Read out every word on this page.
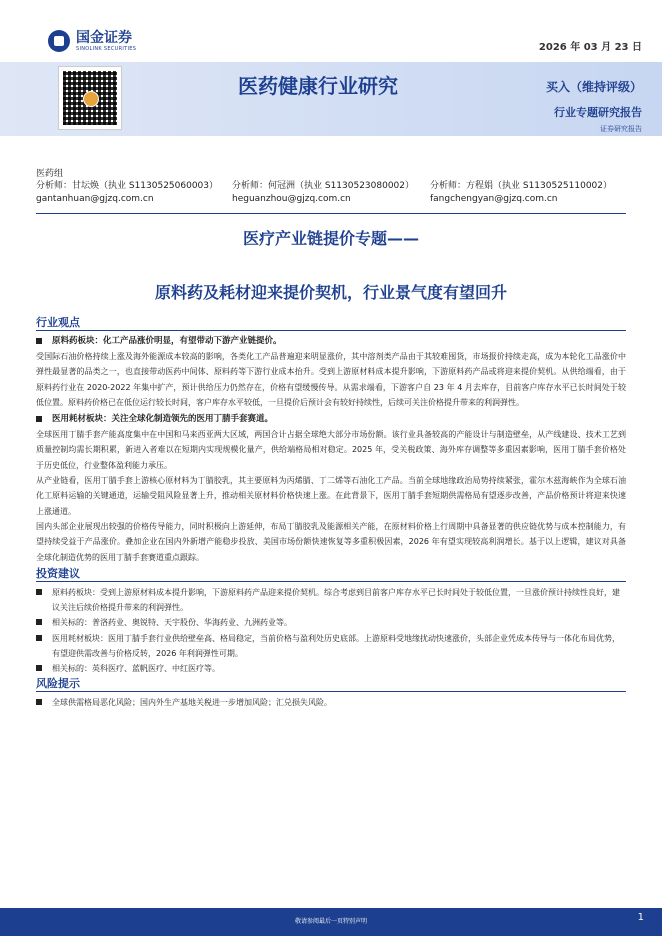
国金证券
SINOLINK SECURITIES	2026 年 03 月 23 日
医药健康行业研究	买入（维持评级）
行业专题研究报告
证券研究报告
医药组
分析师：甘坛焕（执业 S1130525060003）	分析师：何冠洲（执业 S1130523080002）	分析师：方程娟（执业 S1130525110002）
gantanhuan@gjzq.com.cn	heguanzhou@gjzq.com.cn	fangchengyan@gjzq.com.cn
医疗产业链提价专题——
原料药及耗材迎来提价契机，行业景气度有望回升
行业观点
原料药板块：化工产品涨价明显，有望带动下游产业链提价。
受国际石油价格持续上涨及海外能源成本较高的影响，各类化工产品普遍迎来明显涨价，其中溶剂类产品由于其较难囤货，市场报价持续走高，成为本轮化工品涨价中弹性最显著的品类之一，也直接带动医药中间体、原料药等下游行业成本抬升。受到上游原材料成本提升影响，下游原料药产品或将迎来提价契机。从供给端看，由于原料药行业在 2020-2022 年集中扩产，预计供给压力仍然存在，价格有望缓慢传导。从需求端看，下游客户自 23 年 4 月去库存，目前客户库存水平已长时间处于较低位置。原料药价格已在低位运行较长时间，客户库存水平较低，一旦提价后预计会有较好持续性，后续可关注价格提升带来的利润弹性。
医用耗材板块：关注全球化制造领先的医用丁腈手套赛道。
全球医用丁腈手套产能高度集中在中国和马来西亚两大区域，两国合计占据全球绝大部分市场份额。该行业具备较高的产能设计与制造壁垒，从产线建设、技术工艺到质量控制均需长期积累，新进入者难以在短期内实现规模化量产，供给端格局相对稳定。2025 年，受关税政策、海外库存调整等多重因素影响，医用丁腈手套价格处于历史低位，行业整体盈利能力承压。
从产业链看，医用丁腈手套上游核心原材料为丁腈胶乳，其主要原料为丙烯腈、丁二烯等石油化工产品。当前全球地缘政治局势持续紧张，霍尔木兹海峡作为全球石油化工原料运输的关键通道，运输受阻风险显著上升，推动相关原材料价格快速上涨。在此背景下，医用丁腈手套短期供需格局有望逐步改善，产品价格预计将迎来快速上涨通道。
国内头部企业展现出较强的价格传导能力，同时积极向上游延伸，布局丁腈胶乳及能源相关产能，在原材料价格上行周期中具备显著的供应链优势与成本控制能力，有望持续受益于产品涨价。叠加企业在国内外新增产能稳步投放、美国市场份额快速恢复等多重积极因素，2026 年有望实现较高利润增长。基于以上逻辑，建议对具备全球化制造优势的医用丁腈手套赛道重点跟踪。
投资建议
原料药板块：受到上游原材料成本提升影响，下游原料药产品迎来提价契机。综合考虑到目前客户库存水平已长时间处于较低位置，一旦涨价预计持续性良好，建议关注后续价格提升带来的利润弹性。
相关标的：普洛药业、奥锐特、天宇股份、华海药业、九洲药业等。
医用耗材板块：医用丁腈手套行业供给壁垒高、格局稳定，当前价格与盈利处历史底部。上游原料受地缘扰动快速涨价，头部企业凭成本传导与一体化布局优势，有望迎供需改善与价格反转，2026 年利润弹性可期。
相关标的：英科医疗、蓝帆医疗、中红医疗等。
风险提示
全球供需格局恶化风险；国内外生产基地关税进一步增加风险；汇兑损失风险。
敬请参阅最后一页特别声明	1
